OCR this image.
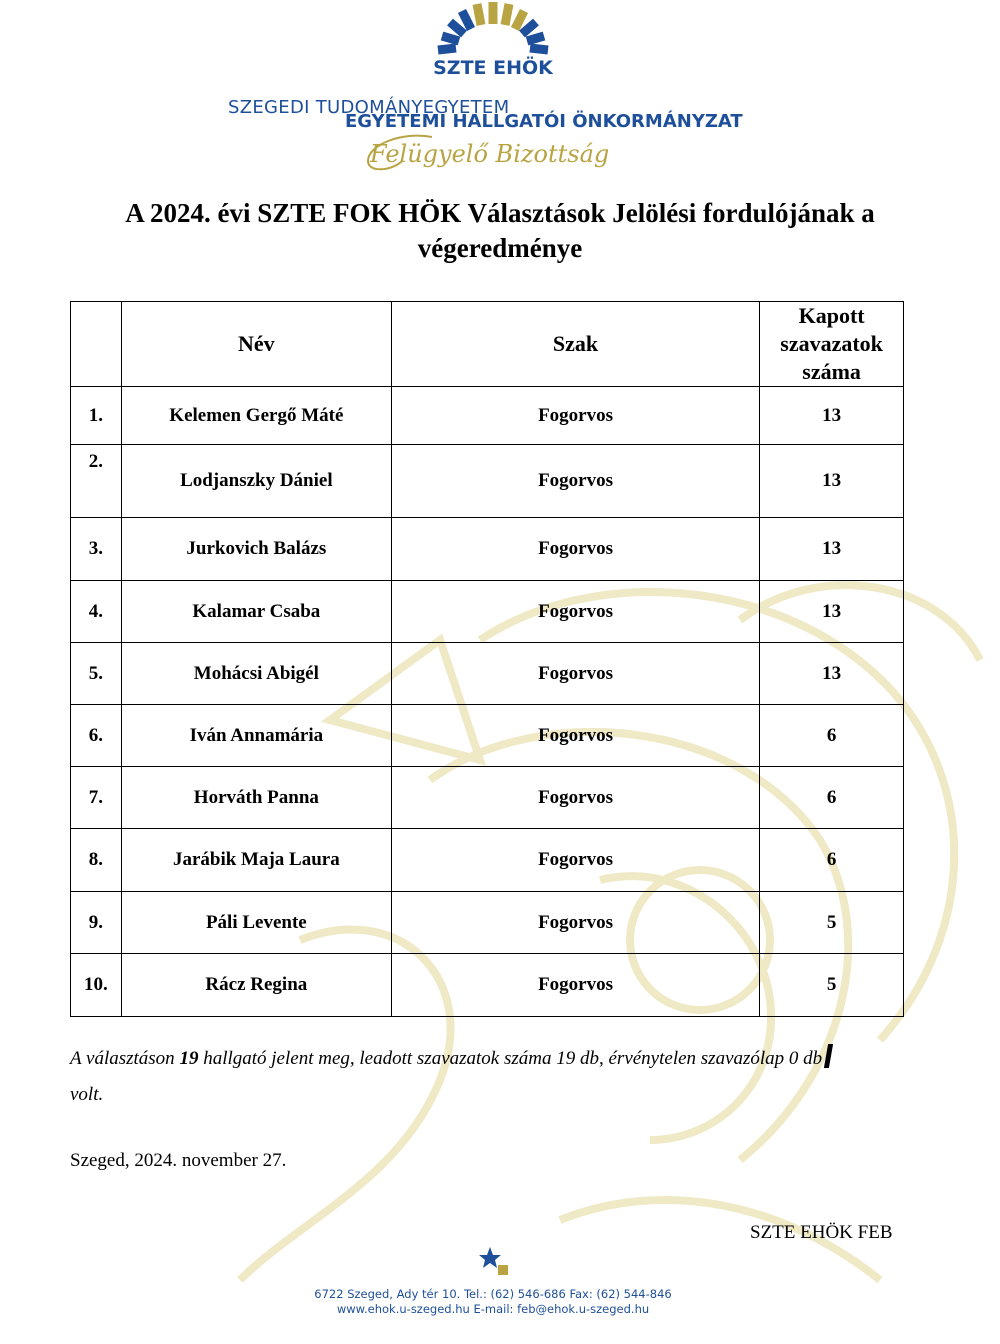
SZTE EHÖK
SZEGEDI TUDOMÁNYEGYETEM
EGYETEMI HALLGATÓI ÖNKORMÁNYZAT
Felügyelő Bizottság
A 2024. évi SZTE FOK HÖK Választások Jelölési fordulójának a végeredménye
	Név	Szak	Kapott szavazatok száma
1.	Kelemen Gergő Máté	Fogorvos	13
2.	Lodjanszky Dániel	Fogorvos	13
3.	Jurkovich Balázs	Fogorvos	13
4.	Kalamar Csaba	Fogorvos	13
5.	Mohácsi Abigél	Fogorvos	13
6.	Iván Annamária	Fogorvos	6
7.	Horváth Panna	Fogorvos	6
8.	Jarábik Maja Laura	Fogorvos	6
9.	Páli Levente	Fogorvos	5
10.	Rácz Regina	Fogorvos	5
A választáson 19 hallgató jelent meg, leadott szavazatok száma 19 db, érvénytelen szavazólap 0 db
volt.
Szeged, 2024. november 27.
SZTE EHÖK FEB
6722 Szeged, Ady tér 10. Tel.: (62) 546-686 Fax: (62) 544-846
www.ehok.u-szeged.hu E-mail: feb@ehok.u-szeged.hu
